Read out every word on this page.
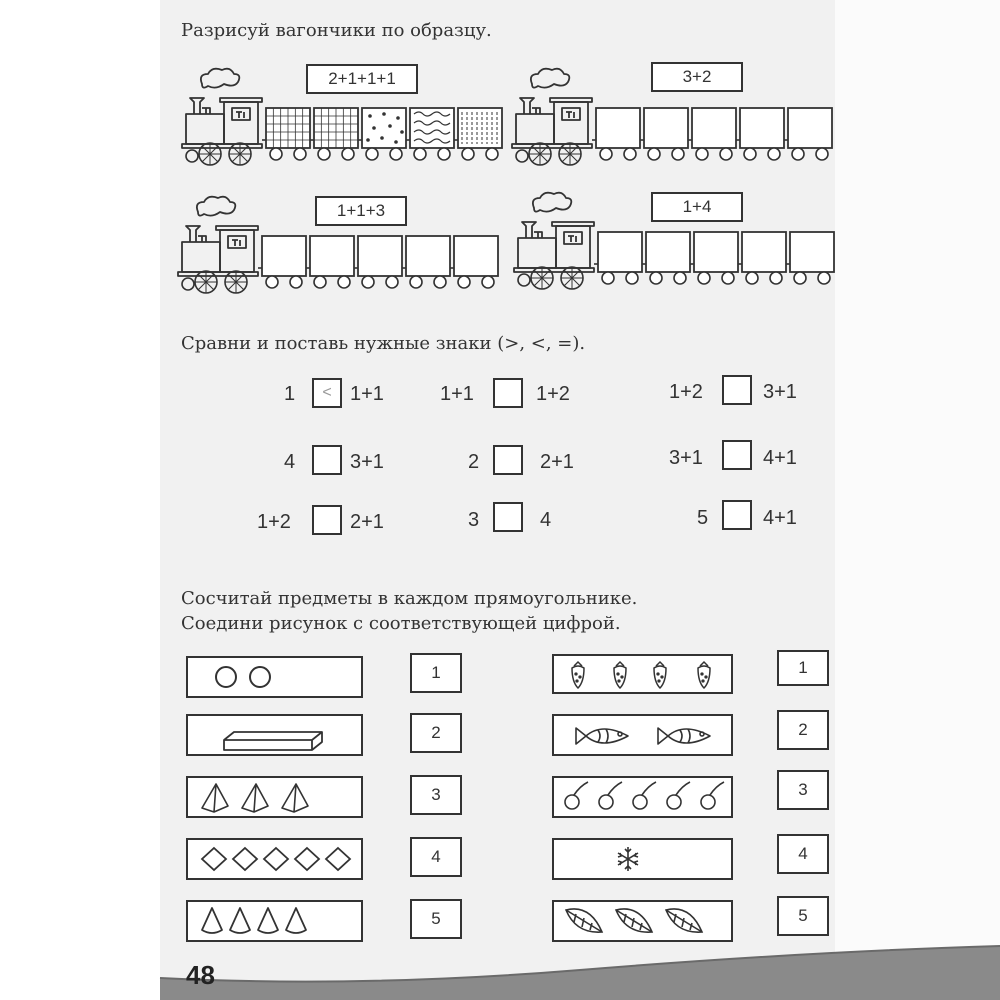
Разрисуй вагончики по образцу.
2+1+1+1	3+2
1+1+3	1+4
Сравни и поставь нужные знаки (>, <, =).
1	< 1+1	1+1	1+2	1+2	3+1
4	3+1	2	2+1	3+1	4+1
1+2	2+1	3	4	5	4+1
Сосчитай предметы в каждом прямоугольнике.
Соедини рисунок с соответствующей цифрой.
1
2
3
4
5
1
2
3
4
5
48
